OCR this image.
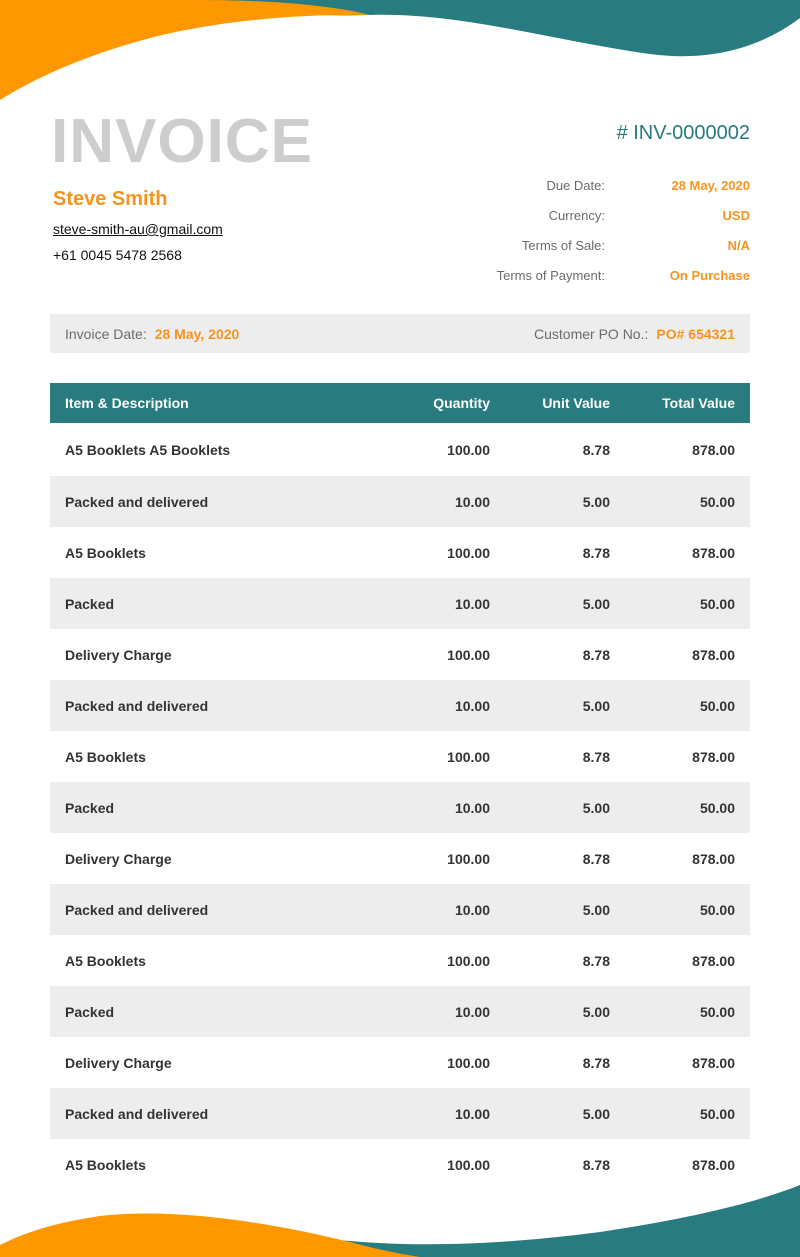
INVOICE
Steve Smith
steve-smith-au@gmail.com
+61 0045 5478 2568
# INV-0000002
Due Date:	28 May, 2020
Currency:	USD
Terms of Sale:	N/A
Terms of Payment:	On Purchase
Invoice Date: 28 May, 2020	Customer PO No.: PO# 654321
Item & Description	Quantity	Unit Value	Total Value
A5 Booklets A5 Booklets	100.00	8.78	878.00
Packed and delivered	10.00	5.00	50.00
A5 Booklets	100.00	8.78	878.00
Packed	10.00	5.00	50.00
Delivery Charge	100.00	8.78	878.00
Packed and delivered	10.00	5.00	50.00
A5 Booklets	100.00	8.78	878.00
Packed	10.00	5.00	50.00
Delivery Charge	100.00	8.78	878.00
Packed and delivered	10.00	5.00	50.00
A5 Booklets	100.00	8.78	878.00
Packed	10.00	5.00	50.00
Delivery Charge	100.00	8.78	878.00
Packed and delivered	10.00	5.00	50.00
A5 Booklets	100.00	8.78	878.00
